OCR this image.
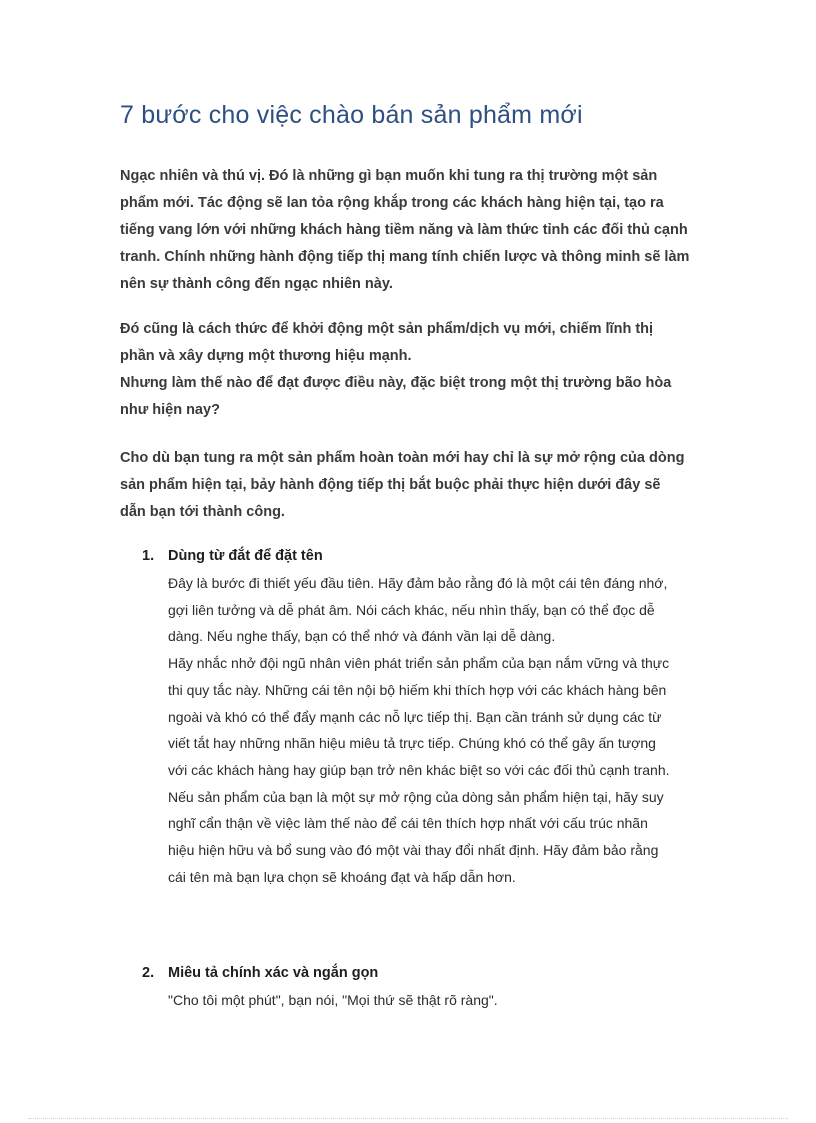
7 bước cho việc chào bán sản phẩm mới

Ngạc nhiên và thú vị. Đó là những gì bạn muốn khi tung ra thị trường một sản
phẩm mới. Tác động sẽ lan tỏa rộng khắp trong các khách hàng hiện tại, tạo ra
tiếng vang lớn với những khách hàng tiềm năng và làm thức tỉnh các đối thủ cạnh
tranh. Chính những hành động tiếp thị mang tính chiến lược và thông minh sẽ làm
nên sự thành công đến ngạc nhiên này.

Đó cũng là cách thức để khởi động một sản phẩm/dịch vụ mới, chiếm lĩnh thị
phần và xây dựng một thương hiệu mạnh.
Nhưng làm thế nào để đạt được điều này, đặc biệt trong một thị trường bão hòa
như hiện nay?

Cho dù bạn tung ra một sản phẩm hoàn toàn mới hay chỉ là sự mở rộng của dòng
sản phẩm hiện tại, bảy hành động tiếp thị bắt buộc phải thực hiện dưới đây sẽ
dẫn bạn tới thành công.

1. Dùng từ đắt để đặt tên
Đây là bước đi thiết yếu đầu tiên. Hãy đảm bảo rằng đó là một cái tên đáng nhớ,
gợi liên tưởng và dễ phát âm. Nói cách khác, nếu nhìn thấy, bạn có thể đọc dễ
dàng. Nếu nghe thấy, bạn có thể nhớ và đánh vần lại dễ dàng.
Hãy nhắc nhở đội ngũ nhân viên phát triển sản phẩm của bạn nắm vững và thực
thi quy tắc này. Những cái tên nội bộ hiếm khi thích hợp với các khách hàng bên
ngoài và khó có thể đẩy mạnh các nỗ lực tiếp thị. Bạn cần tránh sử dụng các từ
viết tắt hay những nhãn hiệu miêu tả trực tiếp. Chúng khó có thể gây ấn tượng
với các khách hàng hay giúp bạn trở nên khác biệt so với các đối thủ cạnh tranh.
Nếu sản phẩm của bạn là một sự mở rộng của dòng sản phẩm hiện tại, hãy suy
nghĩ cẩn thận về việc làm thế nào để cái tên thích hợp nhất với cấu trúc nhãn
hiệu hiện hữu và bổ sung vào đó một vài thay đổi nhất định. Hãy đảm bảo rằng
cái tên mà bạn lựa chọn sẽ khoáng đạt và hấp dẫn hơn.
2. Miêu tả chính xác và ngắn gọn
"Cho tôi một phút", bạn nói, "Mọi thứ sẽ thật rõ ràng".
